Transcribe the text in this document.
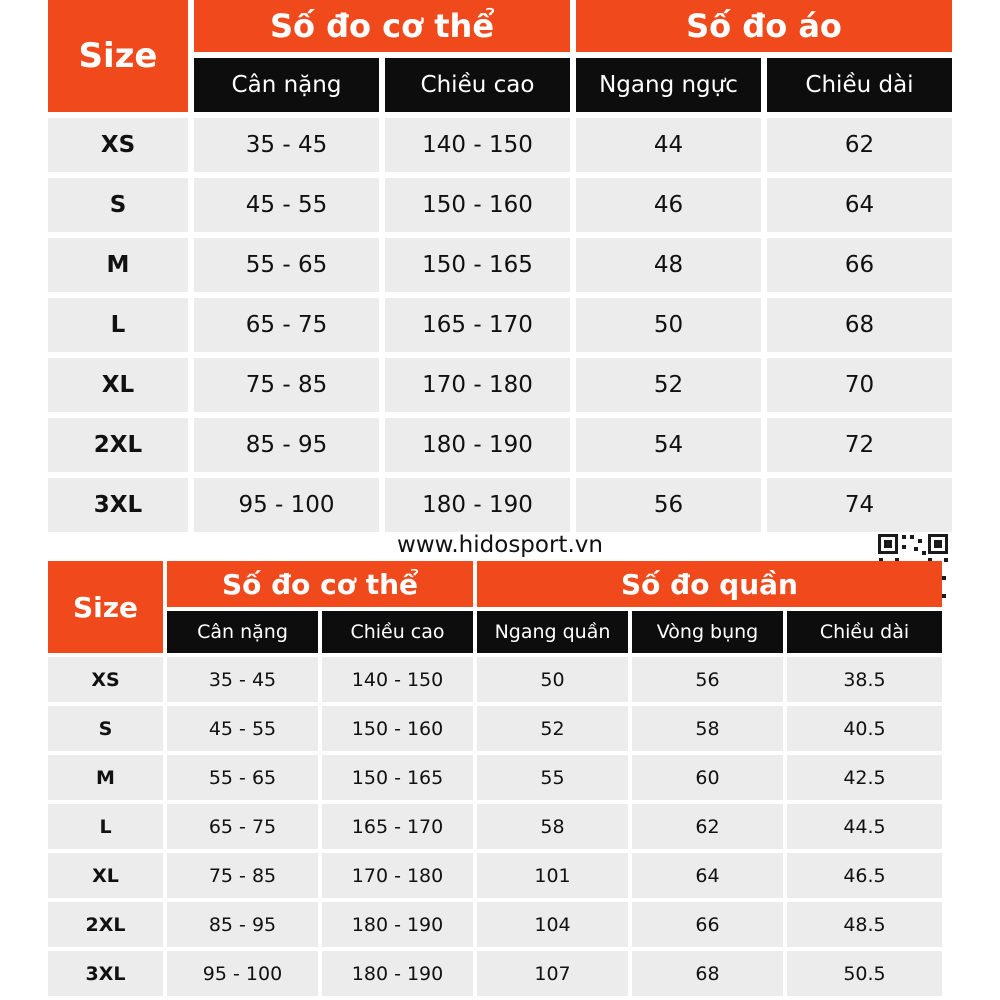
Size
Số đo cơ thể	Số đo áo
Cân nặng	Chiều cao	Ngang ngực	Chiều dài
XS	35 - 45	140 - 150	44	62
S	45 - 55	150 - 160	46	64
M	55 - 65	150 - 165	48	66
L	65 - 75	165 - 170	50	68
XL	75 - 85	170 - 180	52	70
2XL	85 - 95	180 - 190	54	72
3XL	95 - 100	180 - 190	56	74
www.hidosport.vn
Size
Số đo cơ thể	Số đo quần
Cân nặng	Chiều cao	Ngang quần	Vòng bụng	Chiều dài
XS	35 - 45	140 - 150	50	56	38.5
S	45 - 55	150 - 160	52	58	40.5
M	55 - 65	150 - 165	55	60	42.5
L	65 - 75	165 - 170	58	62	44.5
XL	75 - 85	170 - 180	101	64	46.5
2XL	85 - 95	180 - 190	104	66	48.5
3XL	95 - 100	180 - 190	107	68	50.5
